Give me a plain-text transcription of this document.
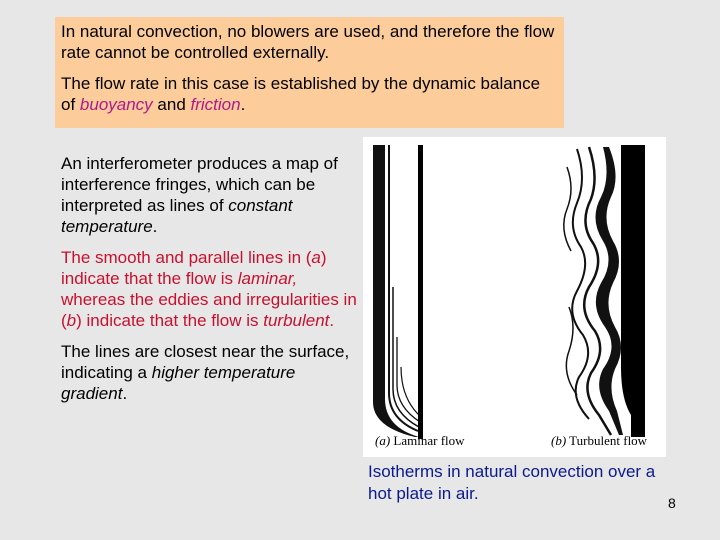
In natural convection, no blowers are used, and therefore the flow rate cannot be controlled externally.

The flow rate in this case is established by the dynamic balance of buoyancy and friction.

An interferometer produces a map of interference fringes, which can be interpreted as lines of constant temperature.

The smooth and parallel lines in (a) indicate that the flow is laminar, whereas the eddies and irregularities in (b) indicate that the flow is turbulent.

The lines are closest near the surface, indicating a higher temperature gradient.

(a) Laminar flow	(b) Turbulent flow
Isotherms in natural convection over a hot plate in air.	8
